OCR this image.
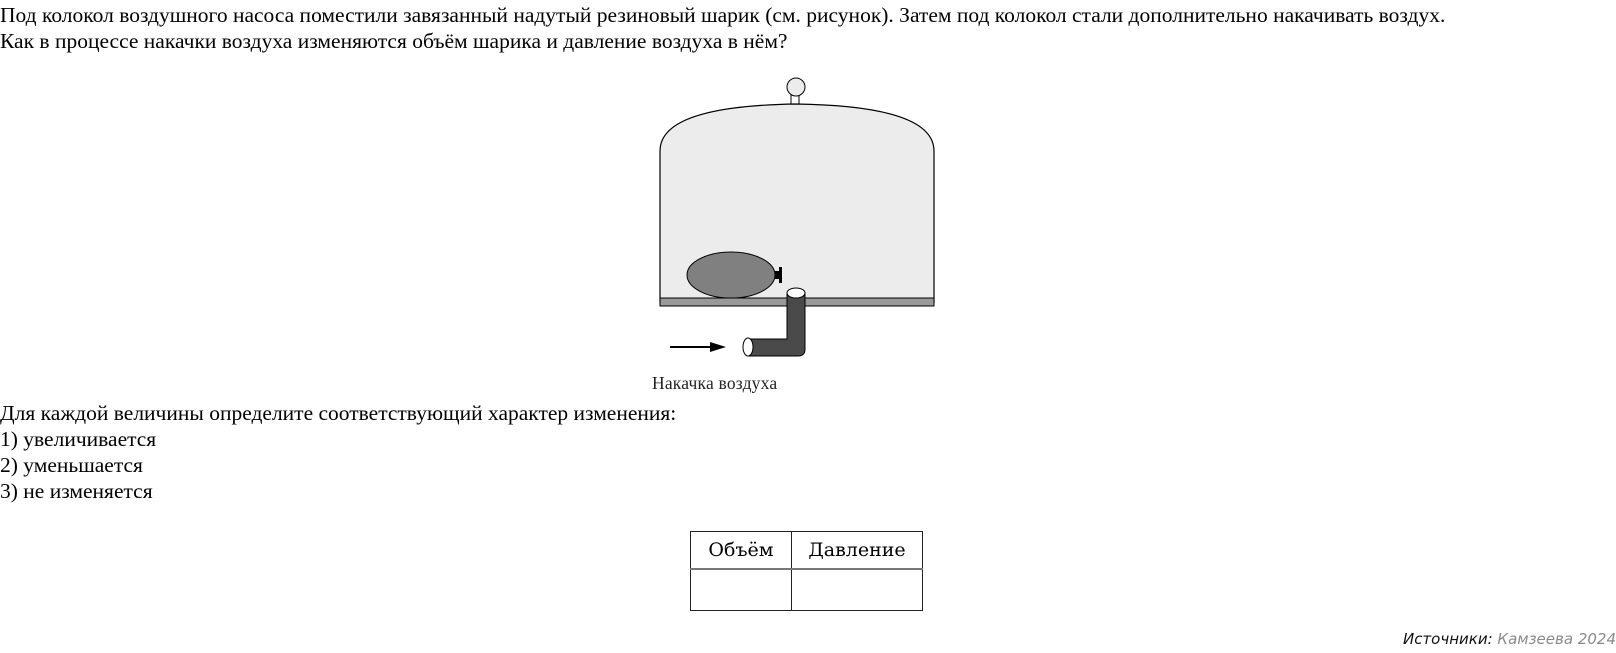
Под колокол воздушного насоса поместили завязанный надутый резиновый шарик (см. рисунок). Затем под колокол стали дополнительно накачивать воздух.
Как в процессе накачки воздуха изменяются объём шарика и давление воздуха в нём?
Накачка воздуха
Для каждой величины определите соответствующий характер изменения:
1) увеличивается
2) уменьшается
3) не изменяется
Объём	Давление

Источники: Камзеева 2024
